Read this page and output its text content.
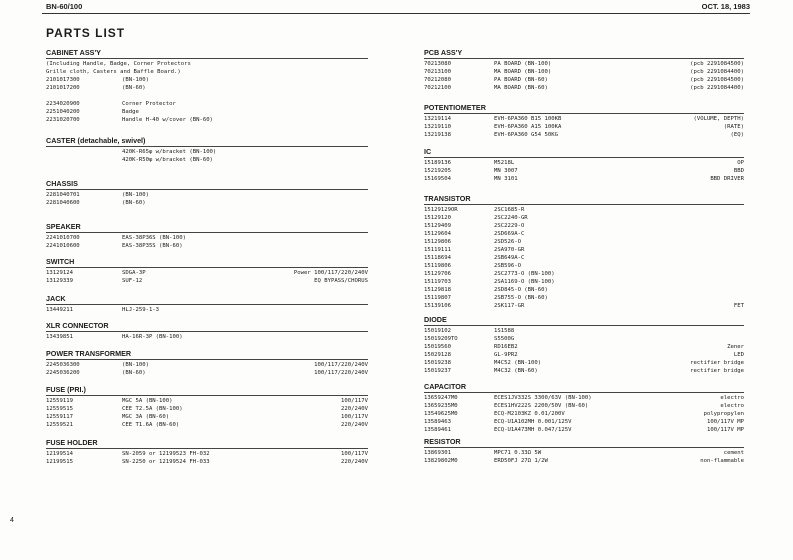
BN-60/100	OCT. 18, 1983
PARTS LIST
4
CABINET ASS'Y
(Including Handle, Badge, Corner Protectors
Grille cloth, Casters and Baffle Board.)
2101017300	(BN-100)
2101017200	(BN-60)
2234020900	Corner Protector
2251040200	Badge
2231020700	Handle H-40 w/cover (BN-60)
CASTER (detachable, swivel)
420K-R65φ w/bracket (BN-100)
420K-R50φ w/bracket (BN-60)
CHASSIS
2281040701	(BN-100)
2281040600	(BN-60)
SPEAKER
2241010700	EAS-38P36S (BN-100)
2241010600	EAS-38P35S (BN-60)
SWITCH
13129124	SDGA-3P	Power 100/117/220/240V
13129339	SUF-12	EQ BYPASS/CHORUS
JACK
13449211	HLJ-259-1-3
XLR CONNECTOR
13439851	HA-16R-3P (BN-100)
POWER TRANSFORMER
2245036300	(BN-100)	100/117/220/240V
2245036200	(BN-60)	100/117/220/240V
FUSE (PRI.)
12559119	MGC 5A (BN-100)	100/117V
12559515	CEE T2.5A (BN-100)	220/240V
12559117	MGC 3A (BN-60)	100/117V
12559521	CEE T1.6A (BN-60)	220/240V
FUSE HOLDER
12199514	SN-2059 or 12199523 FH-032	100/117V
12199515	SN-2250 or 12199524 FH-033	220/240V
PCB ASS'Y
70213080	PA BOARD (BN-100)	(pcb 2291084500)
70213100	MA BOARD (BN-100)	(pcb 2291084400)
70212080	PA BOARD (BN-60)	(pcb 2291084500)
70212100	MA BOARD (BN-60)	(pcb 2291084400)
POTENTIOMETER
13219114	EVH-6PA360 B15 100KB	(VOLUME, DEPTH)
13219110	EVH-6PA360 A15 100KA	(RATE)
13219138	EVH-6PA360 G54 50KG	(EQ)
IC
15189136	M5218L	OP
15219205	MN 3007	BBD
15169504	MN 3101	BBD DRIVER
TRANSISTOR
15129129OR	2SC1685-R
15129120	2SC2240-GR
15129409	2SC2229-O
15129604	2SD669A-C
15129806	2SD526-O
15119111	2SA970-GR
15118694	2SB649A-C
15119806	2SB596-O
15129706	2SC2773-O (BN-100)
15119703	2SA1169-O (BN-100)
15129818	2SD845-O (BN-60)
15119807	2SB755-O (BN-60)
15139106	2SK117-GR	FET
DIODE
15019102	1S1588
15019209TO	S5500G
15019560	RD16EB2	Zener
15029128	GL-9PR2	LED
15019238	M4C52 (BN-100)	rectifier bridge
15019237	M4C32 (BN-60)	rectifier bridge
CAPACITOR
13659247M0	ECES1JV332S 3300/63V (BN-100)	electro
13659235M0	ECES1HV222S 2200/50V (BN-60)	electro
13549625M0	ECQ-M2103KZ 0.01/200V	polypropylen
13589463	ECQ-U1A102MH 0.001/125V	100/117V MP
13589461	ECQ-U1A473MH 0.047/125V	100/117V MP
RESISTOR
13869301	MPC71 0.33Ω 5W	cement
13829802M0	ERD50FJ 27Ω 1/2W	non-flammable
